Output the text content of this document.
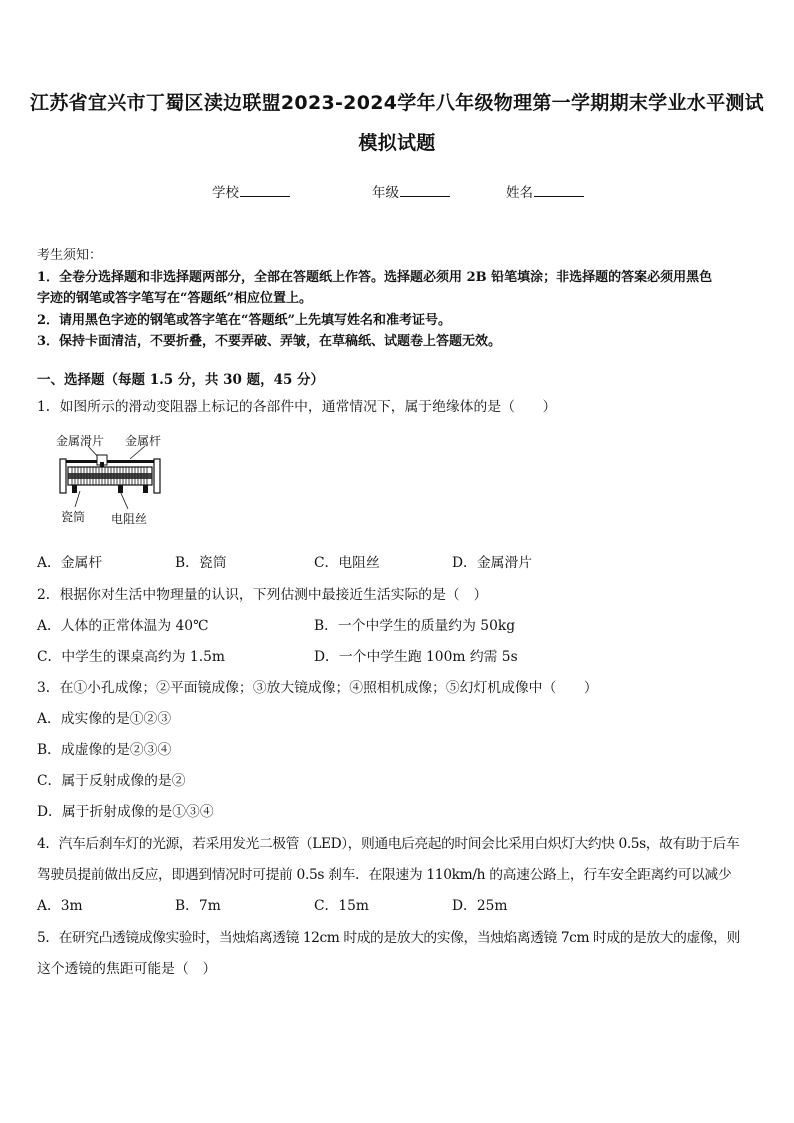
江苏省宜兴市丁蜀区渎边联盟2023-2024学年八年级物理第一学期期末学业水平测试
模拟试题
学校	年级	姓名
考生须知：
1．全卷分选择题和非选择题两部分，全部在答题纸上作答。选择题必须用 2B 铅笔填涂；非选择题的答案必须用黑色
字迹的钢笔或答字笔写在“答题纸”相应位置上。
2．请用黑色字迹的钢笔或答字笔在“答题纸”上先填写姓名和准考证号。
3．保持卡面清洁，不要折叠，不要弄破、弄皱，在草稿纸、试题卷上答题无效。
一、选择题（每题 1.5 分，共 30 题，45 分）
1．如图所示的滑动变阻器上标记的各部件中，通常情况下，属于绝缘体的是（　　）
金属滑片 金属杆
瓷筒 电阻丝
A．金属杆	B．瓷筒	C．电阻丝	D．金属滑片
2．根据你对生活中物理量的认识，下列估测中最接近生活实际的是（　）
A．人体的正常体温为 40℃	B．一个中学生的质量约为 50kg
C．中学生的课桌高约为 1.5m	D．一个中学生跑 100m 约需 5s
3．在①小孔成像；②平面镜成像；③放大镜成像；④照相机成像；⑤幻灯机成像中（　　）
A．成实像的是①②③
B．成虚像的是②③④
C．属于反射成像的是②
D．属于折射成像的是①③④
4．汽车后刹车灯的光源，若采用发光二极管（LED），则通电后亮起的时间会比采用白炽灯大约快 0.5s，故有助于后车
驾驶员提前做出反应，即遇到情况时可提前 0.5s 刹车．在限速为 110km/h 的高速公路上，行车安全距离约可以减少
A．3m	B．7m	C．15m	D．25m
5．在研究凸透镜成像实验时，当烛焰离透镜 12cm 时成的是放大的实像，当烛焰离透镜 7cm 时成的是放大的虚像，则
这个透镜的焦距可能是（　）
